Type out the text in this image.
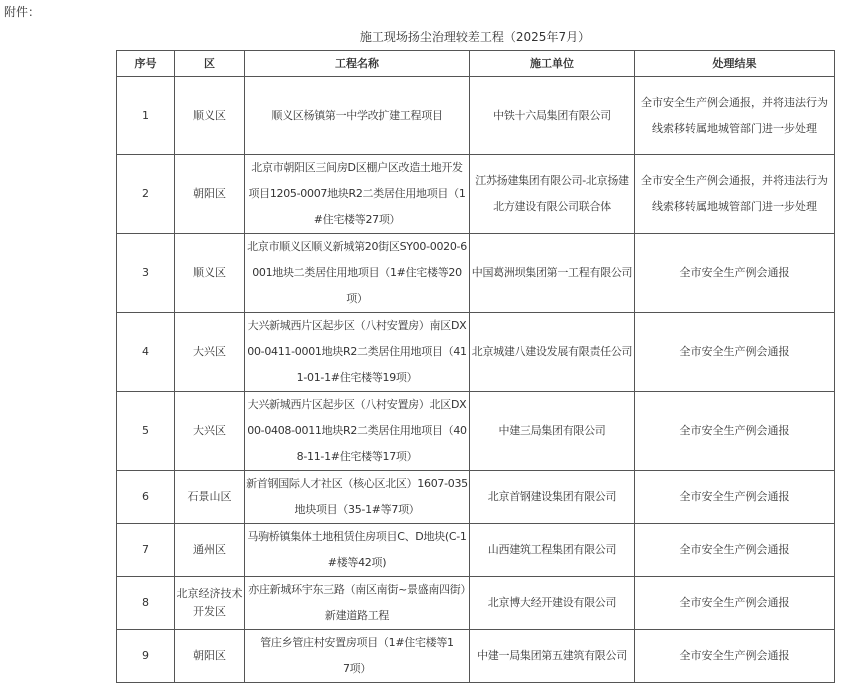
附件：
施工现场扬尘治理较差工程（2025年7月）
序号	区	工程名称	施工单位	处理结果
1	顺义区	顺义区杨镇第一中学改扩建工程项目	中铁十六局集团有限公司	全市安全生产例会通报，并将违法行为线索移转属地城管部门进一步处理
2	朝阳区	北京市朝阳区三间房D区棚户区改造土地开发项目1205-0007地块R2二类居住用地项目（1#住宅楼等27项）	江苏扬建集团有限公司-北京扬建北方建设有限公司联合体	全市安全生产例会通报，并将违法行为线索移转属地城管部门进一步处理
3	顺义区	北京市顺义区顺义新城第20街区SY00-0020-6001地块二类居住用地项目（1#住宅楼等20项）	中国葛洲坝集团第一工程有限公司	全市安全生产例会通报
4	大兴区	大兴新城西片区起步区（八村安置房）南区DX00-0411-0001地块R2二类居住用地项目（411-01-1#住宅楼等19项）	北京城建八建设发展有限责任公司	全市安全生产例会通报
5	大兴区	大兴新城西片区起步区（八村安置房）北区DX00-0408-0011地块R2二类居住用地项目（408-11-1#住宅楼等17项）	中建三局集团有限公司	全市安全生产例会通报
6	石景山区	新首钢国际人才社区（核心区北区）1607-035地块项目（35-1#等7项）	北京首钢建设集团有限公司	全市安全生产例会通报
7	通州区	马驹桥镇集体土地租赁住房项目C、D地块(C-1#楼等42项)	山西建筑工程集团有限公司	全市安全生产例会通报
8	北京经济技术开发区	亦庄新城环宇东三路（南区南街~景盛南四街）新建道路工程	北京博大经开建设有限公司	全市安全生产例会通报
9	朝阳区	管庄乡管庄村安置房项目（1#住宅楼等17项）	中建一局集团第五建筑有限公司	全市安全生产例会通报
